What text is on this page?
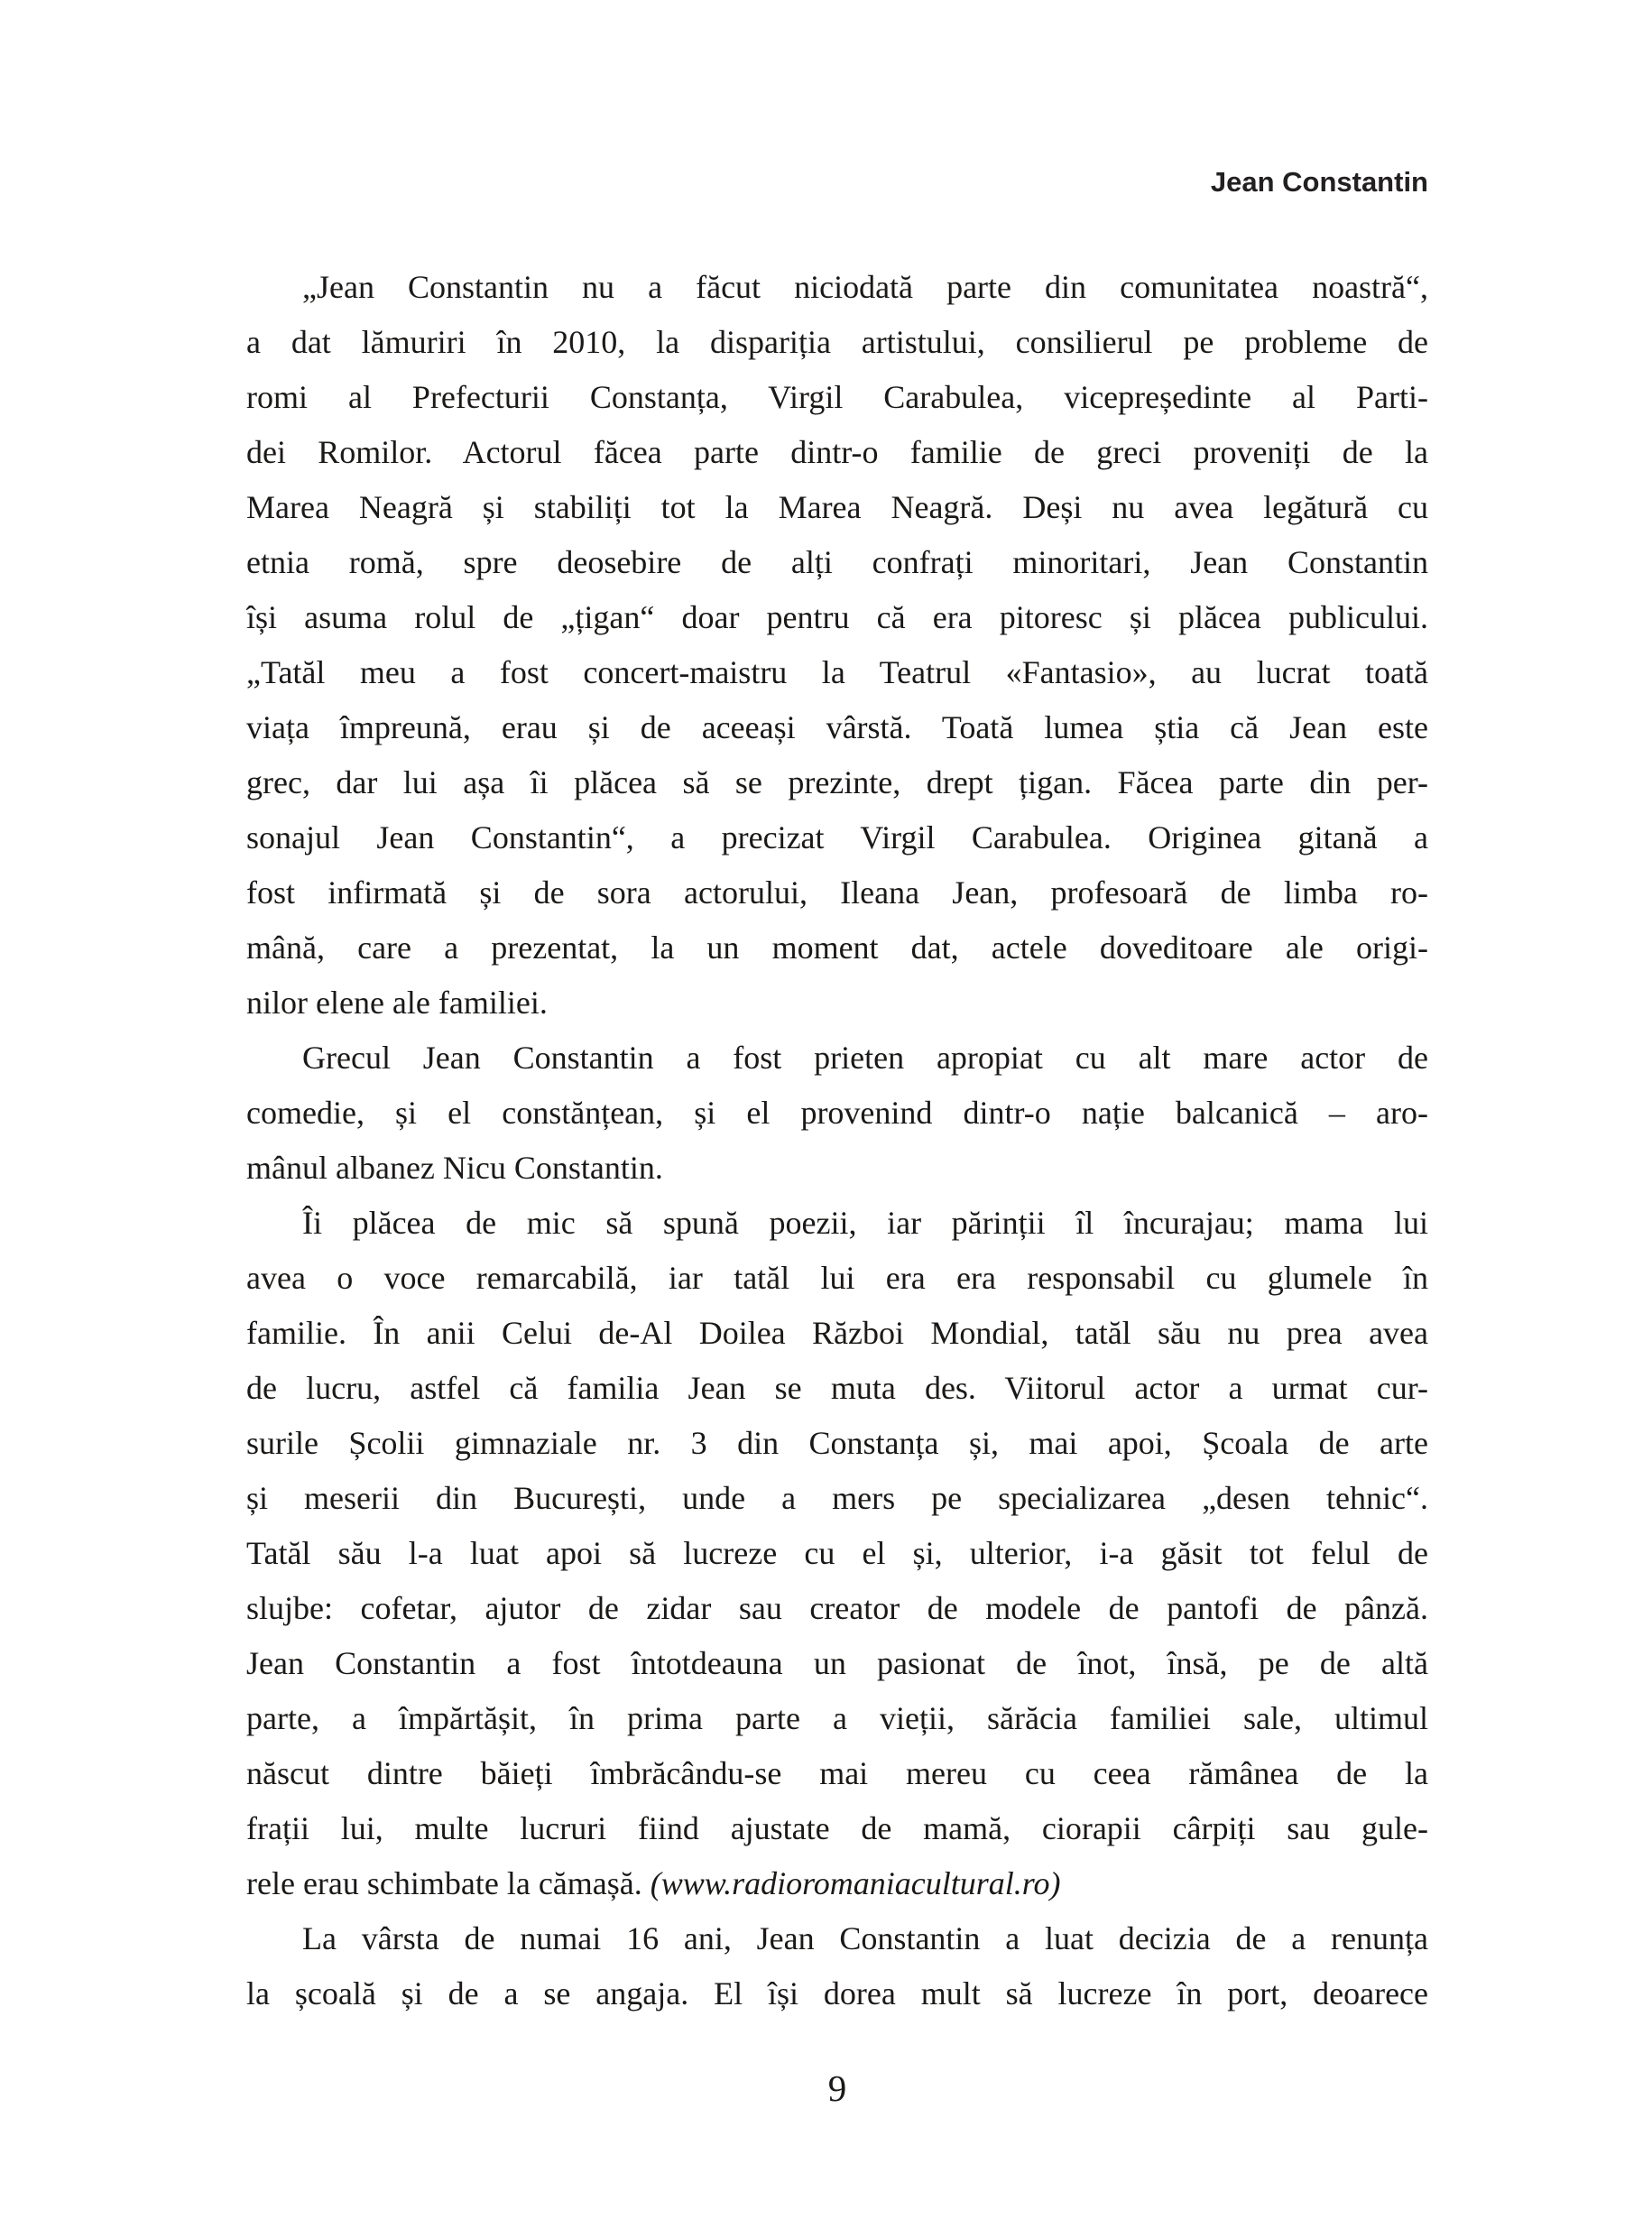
Jean Constantin
„Jean Constantin nu a făcut niciodată parte din comunitatea noastră“,
a dat lămuriri în 2010, la dispariția artistului, consilierul pe probleme de
romi al Prefecturii Constanța, Virgil Carabulea, vicepreședinte al Parti-
dei Romilor. Actorul făcea parte dintr-o familie de greci proveniți de la
Marea Neagră și stabiliți tot la Marea Neagră. Deși nu avea legătură cu
etnia romă, spre deosebire de alți confrați minoritari, Jean Constantin
își asuma rolul de „țigan“ doar pentru că era pitoresc și plăcea publicului.
„Tatăl meu a fost concert-maistru la Teatrul «Fantasio», au lucrat toată
viața împreună, erau și de aceeași vârstă. Toată lumea știa că Jean este
grec, dar lui așa îi plăcea să se prezinte, drept țigan. Făcea parte din per-
sonajul Jean Constantin“, a precizat Virgil Carabulea. Originea gitană a
fost infirmată și de sora actorului, Ileana Jean, profesoară de limba ro-
mână, care a prezentat, la un moment dat, actele doveditoare ale origi-
nilor elene ale familiei.
Grecul Jean Constantin a fost prieten apropiat cu alt mare actor de
comedie, și el constănțean, și el provenind dintr-o nație balcanică – aro-
mânul albanez Nicu Constantin.
Îi plăcea de mic să spună poezii, iar părinții îl încurajau; mama lui
avea o voce remarcabilă, iar tatăl lui era era responsabil cu glumele în
familie. În anii Celui de-Al Doilea Război Mondial, tatăl său nu prea avea
de lucru, astfel că familia Jean se muta des. Viitorul actor a urmat cur-
surile Școlii gimnaziale nr. 3 din Constanța și, mai apoi, Școala de arte
și meserii din București, unde a mers pe specializarea „desen tehnic“.
Tatăl său l-a luat apoi să lucreze cu el și, ulterior, i-a găsit tot felul de
slujbe: cofetar, ajutor de zidar sau creator de modele de pantofi de pânză.
Jean Constantin a fost întotdeauna un pasionat de înot, însă, pe de altă
parte, a împărtășit, în prima parte a vieții, sărăcia familiei sale, ultimul
născut dintre băieți îmbrăcându-se mai mereu cu ceea rămânea de la
frații lui, multe lucruri fiind ajustate de mamă, ciorapii cârpiți sau gule-
rele erau schimbate la cămașă. (www.radioromaniacultural.ro)
La vârsta de numai 16 ani, Jean Constantin a luat decizia de a renunța
la școală și de a se angaja. El își dorea mult să lucreze în port, deoarece
9
